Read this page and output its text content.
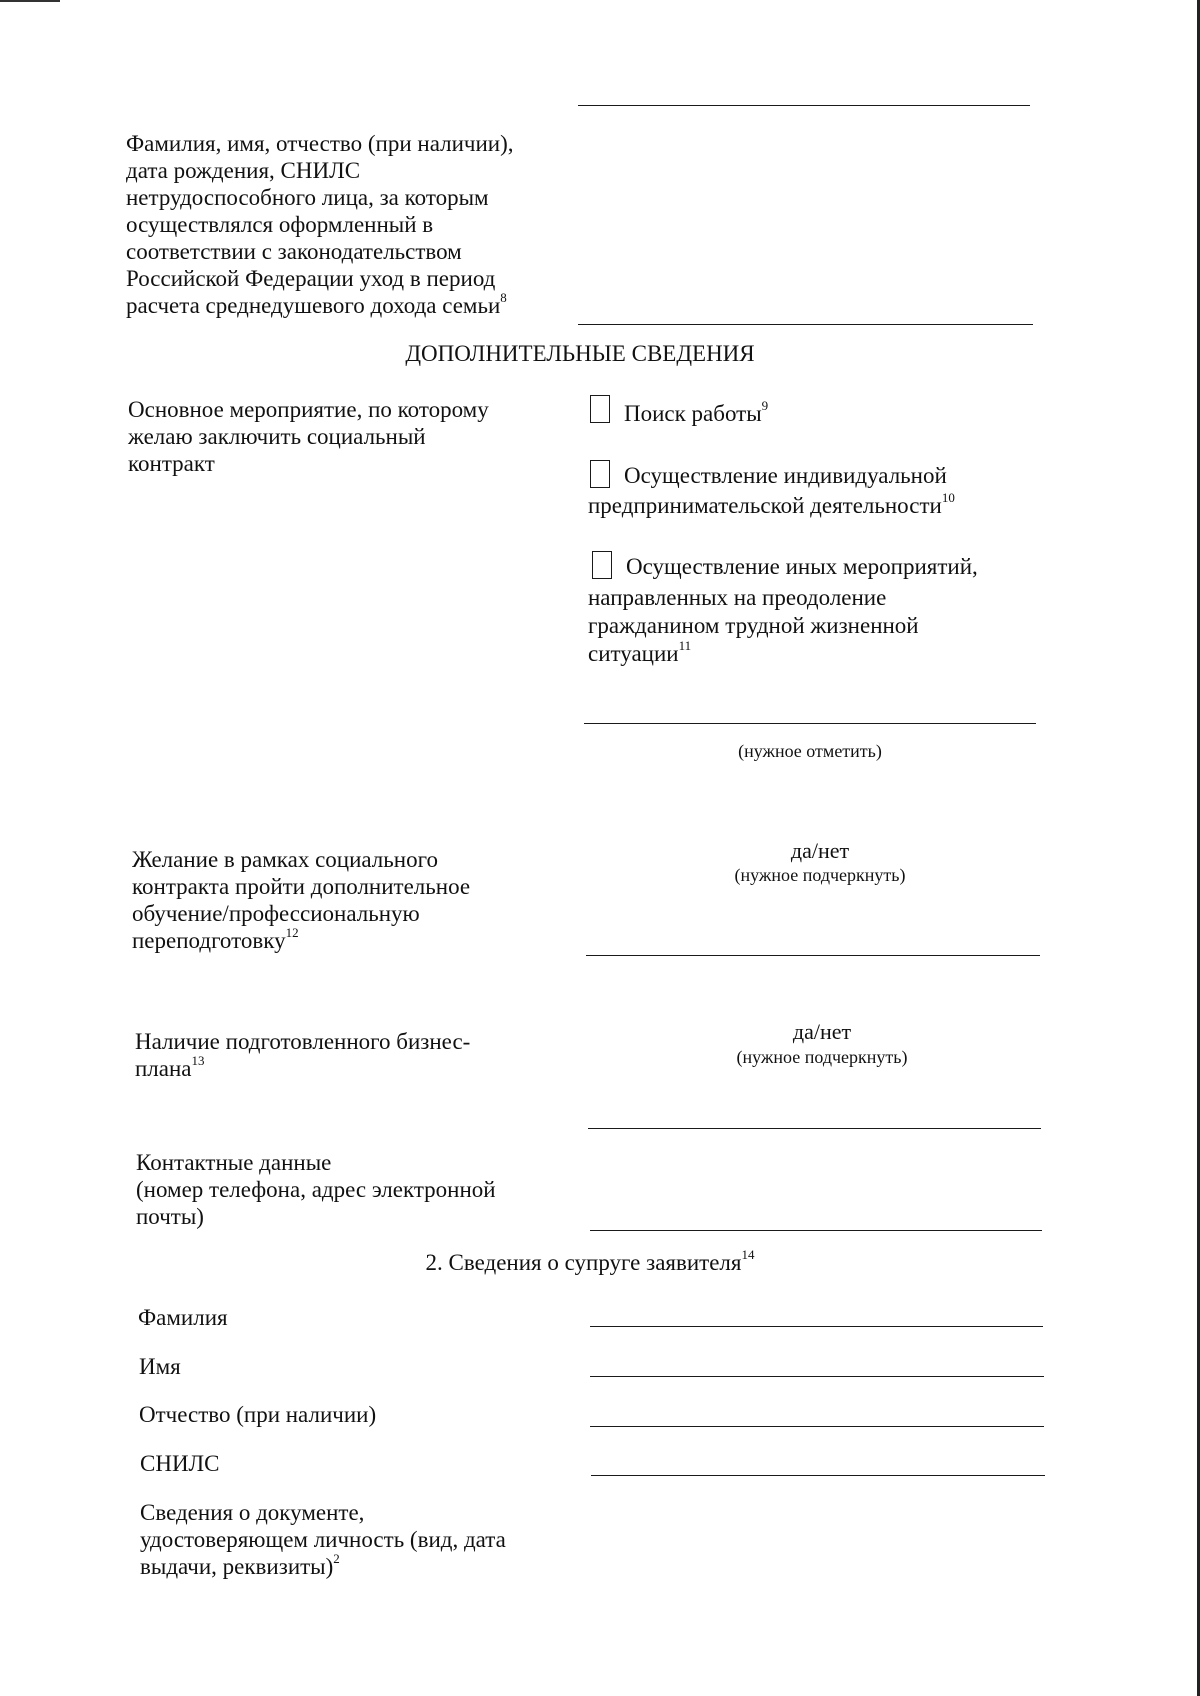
Фамилия, имя, отчество (при наличии),
дата рождения, СНИЛС
нетрудоспособного лица, за которым
осуществлялся оформленный в
соответствии с законодательством
Российской Федерации уход в период
расчета среднедушевого дохода семьи$^8$
ДОПОЛНИТЕЛЬНЫЕ СВЕДЕНИЯ
Основное мероприятие, по которому
желаю заключить социальный
контракт
Поиск работы$^9$
Осуществление индивидуальной
предпринимательской деятельности$^{10}$
Осуществление иных мероприятий,
направленных на преодоление
гражданином трудной жизненной
ситуации$^{11}$
(нужное отметить)
Желание в рамках социального
контракта пройти дополнительное
обучение/профессиональную
переподготовку$^{12}$
да/нет
(нужное подчеркнуть)
Наличие подготовленного бизнес-
плана$^{13}$
да/нет
(нужное подчеркнуть)
Контактные данные
(номер телефона, адрес электронной
почты)
2. Сведения о супруге заявителя$^{14}$
Фамилия
Имя
Отчество (при наличии)
СНИЛС
Сведения о документе,
удостоверяющем личность (вид, дата
выдачи, реквизиты)$^2$
